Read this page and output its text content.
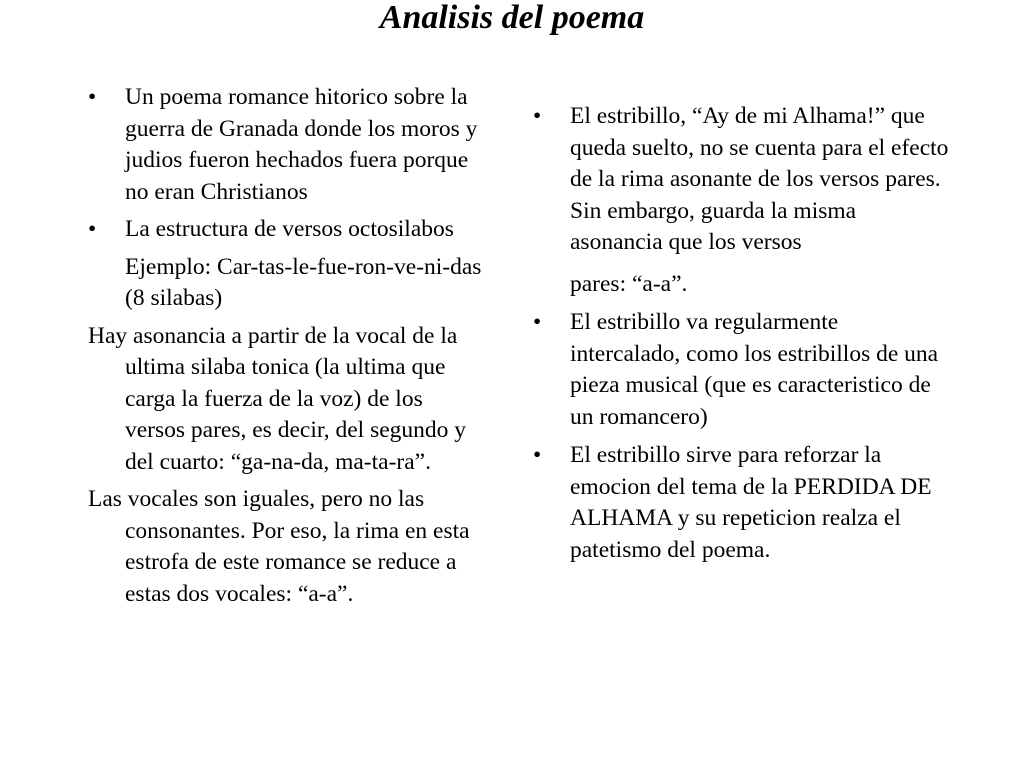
Analisis del poema
• Un poema romance hitorico sobre la guerra de Granada donde los moros y judios fueron hechados fuera porque no eran Christianos
• La estructura de versos octosilabos
Ejemplo: Car-tas-le-fue-ron-ve-ni-das (8 silabas)
Hay asonancia a partir de la vocal de la ultima silaba tonica (la ultima que carga la fuerza de la voz) de los versos pares, es decir, del segundo y del cuarto: “ga-na-da, ma-ta-ra”.
Las vocales son iguales, pero no las consonantes. Por eso, la rima en esta estrofa de este romance se reduce a estas dos vocales: “a-a”.
• El estribillo, “Ay de mi Alhama!” que queda suelto, no se cuenta para el efecto de la rima asonante de los versos pares. Sin embargo, guarda la misma asonancia que los versos
pares: “a-a”.
• El estribillo va regularmente intercalado, como los estribillos de una pieza musical (que es caracteristico de un romancero)
• El estribillo sirve para reforzar la emocion del tema de la PERDIDA DE ALHAMA y su repeticion realza el patetismo del poema.
